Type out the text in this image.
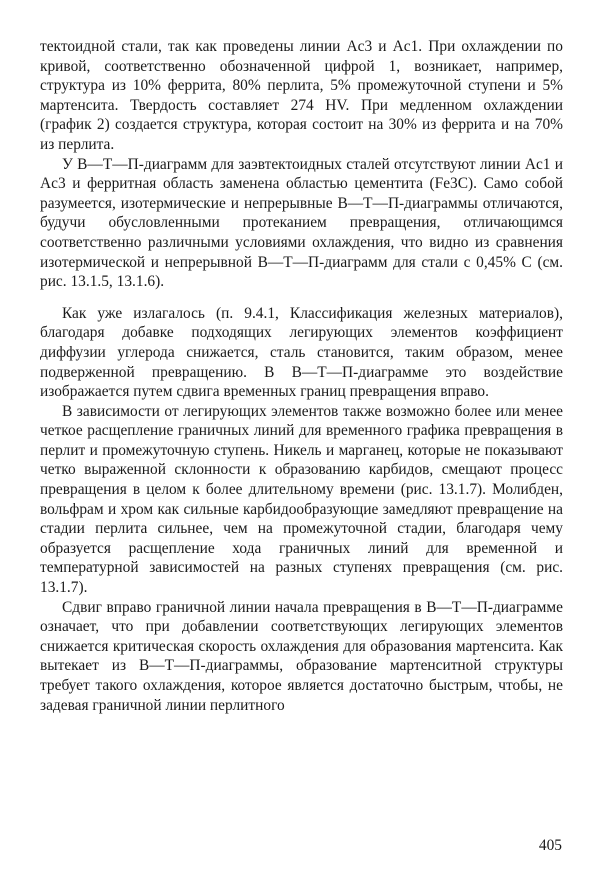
тектоидной стали, так как проведены линии Ac3 и Ac1. При охлаждении по кривой, соответственно обозначенной цифрой 1, возникает, например, структура из 10% феррита, 80% перлита, 5% промежуточной ступени и 5% мартенсита. Твердость составляет 274 HV. При медленном охлаждении (график 2) создается структура, которая состоит на 30% из феррита и на 70% из перлита.

У В—Т—П-диаграмм для заэвтектоидных сталей отсутствуют линии Ac1 и Ac3 и ферритная область заменена областью цементита (Fe3C). Само собой разумеется, изотермические и непрерывные В—Т—П-диаграммы отличаются, будучи обусловленными протеканием превращения, отличающимся соответственно различными условиями охлаждения, что видно из сравнения изотермической и непрерывной В—Т—П-диаграмм для стали с 0,45% С (см. рис. 13.1.5, 13.1.6).

Как уже излагалось (п. 9.4.1, Классификация железных материалов), благодаря добавке подходящих легирующих элементов коэффициент диффузии углерода снижается, сталь становится, таким образом, менее подверженной превращению. В В—Т—П-диаграмме это воздействие изображается путем сдвига временных границ превращения вправо.

В зависимости от легирующих элементов также возможно более или менее четкое расщепление граничных линий для временного графика превращения в перлит и промежуточную ступень. Никель и марганец, которые не показывают четко выраженной склонности к образованию карбидов, смещают процесс превращения в целом к более длительному времени (рис. 13.1.7). Молибден, вольфрам и хром как сильные карбидообразующие замедляют превращение на стадии перлита сильнее, чем на промежуточной стадии, благодаря чему образуется расщепление хода граничных линий для временной и температурной зависимостей на разных ступенях превращения (см. рис. 13.1.7).

Сдвиг вправо граничной линии начала превращения в В—Т—П-диаграмме означает, что при добавлении соответствующих легирующих элементов снижается критическая скорость охлаждения для образования мартенсита. Как вытекает из В—Т—П-диаграммы, образование мартенситной структуры требует такого охлаждения, которое является достаточно быстрым, чтобы, не задевая граничной линии перлитного

405
